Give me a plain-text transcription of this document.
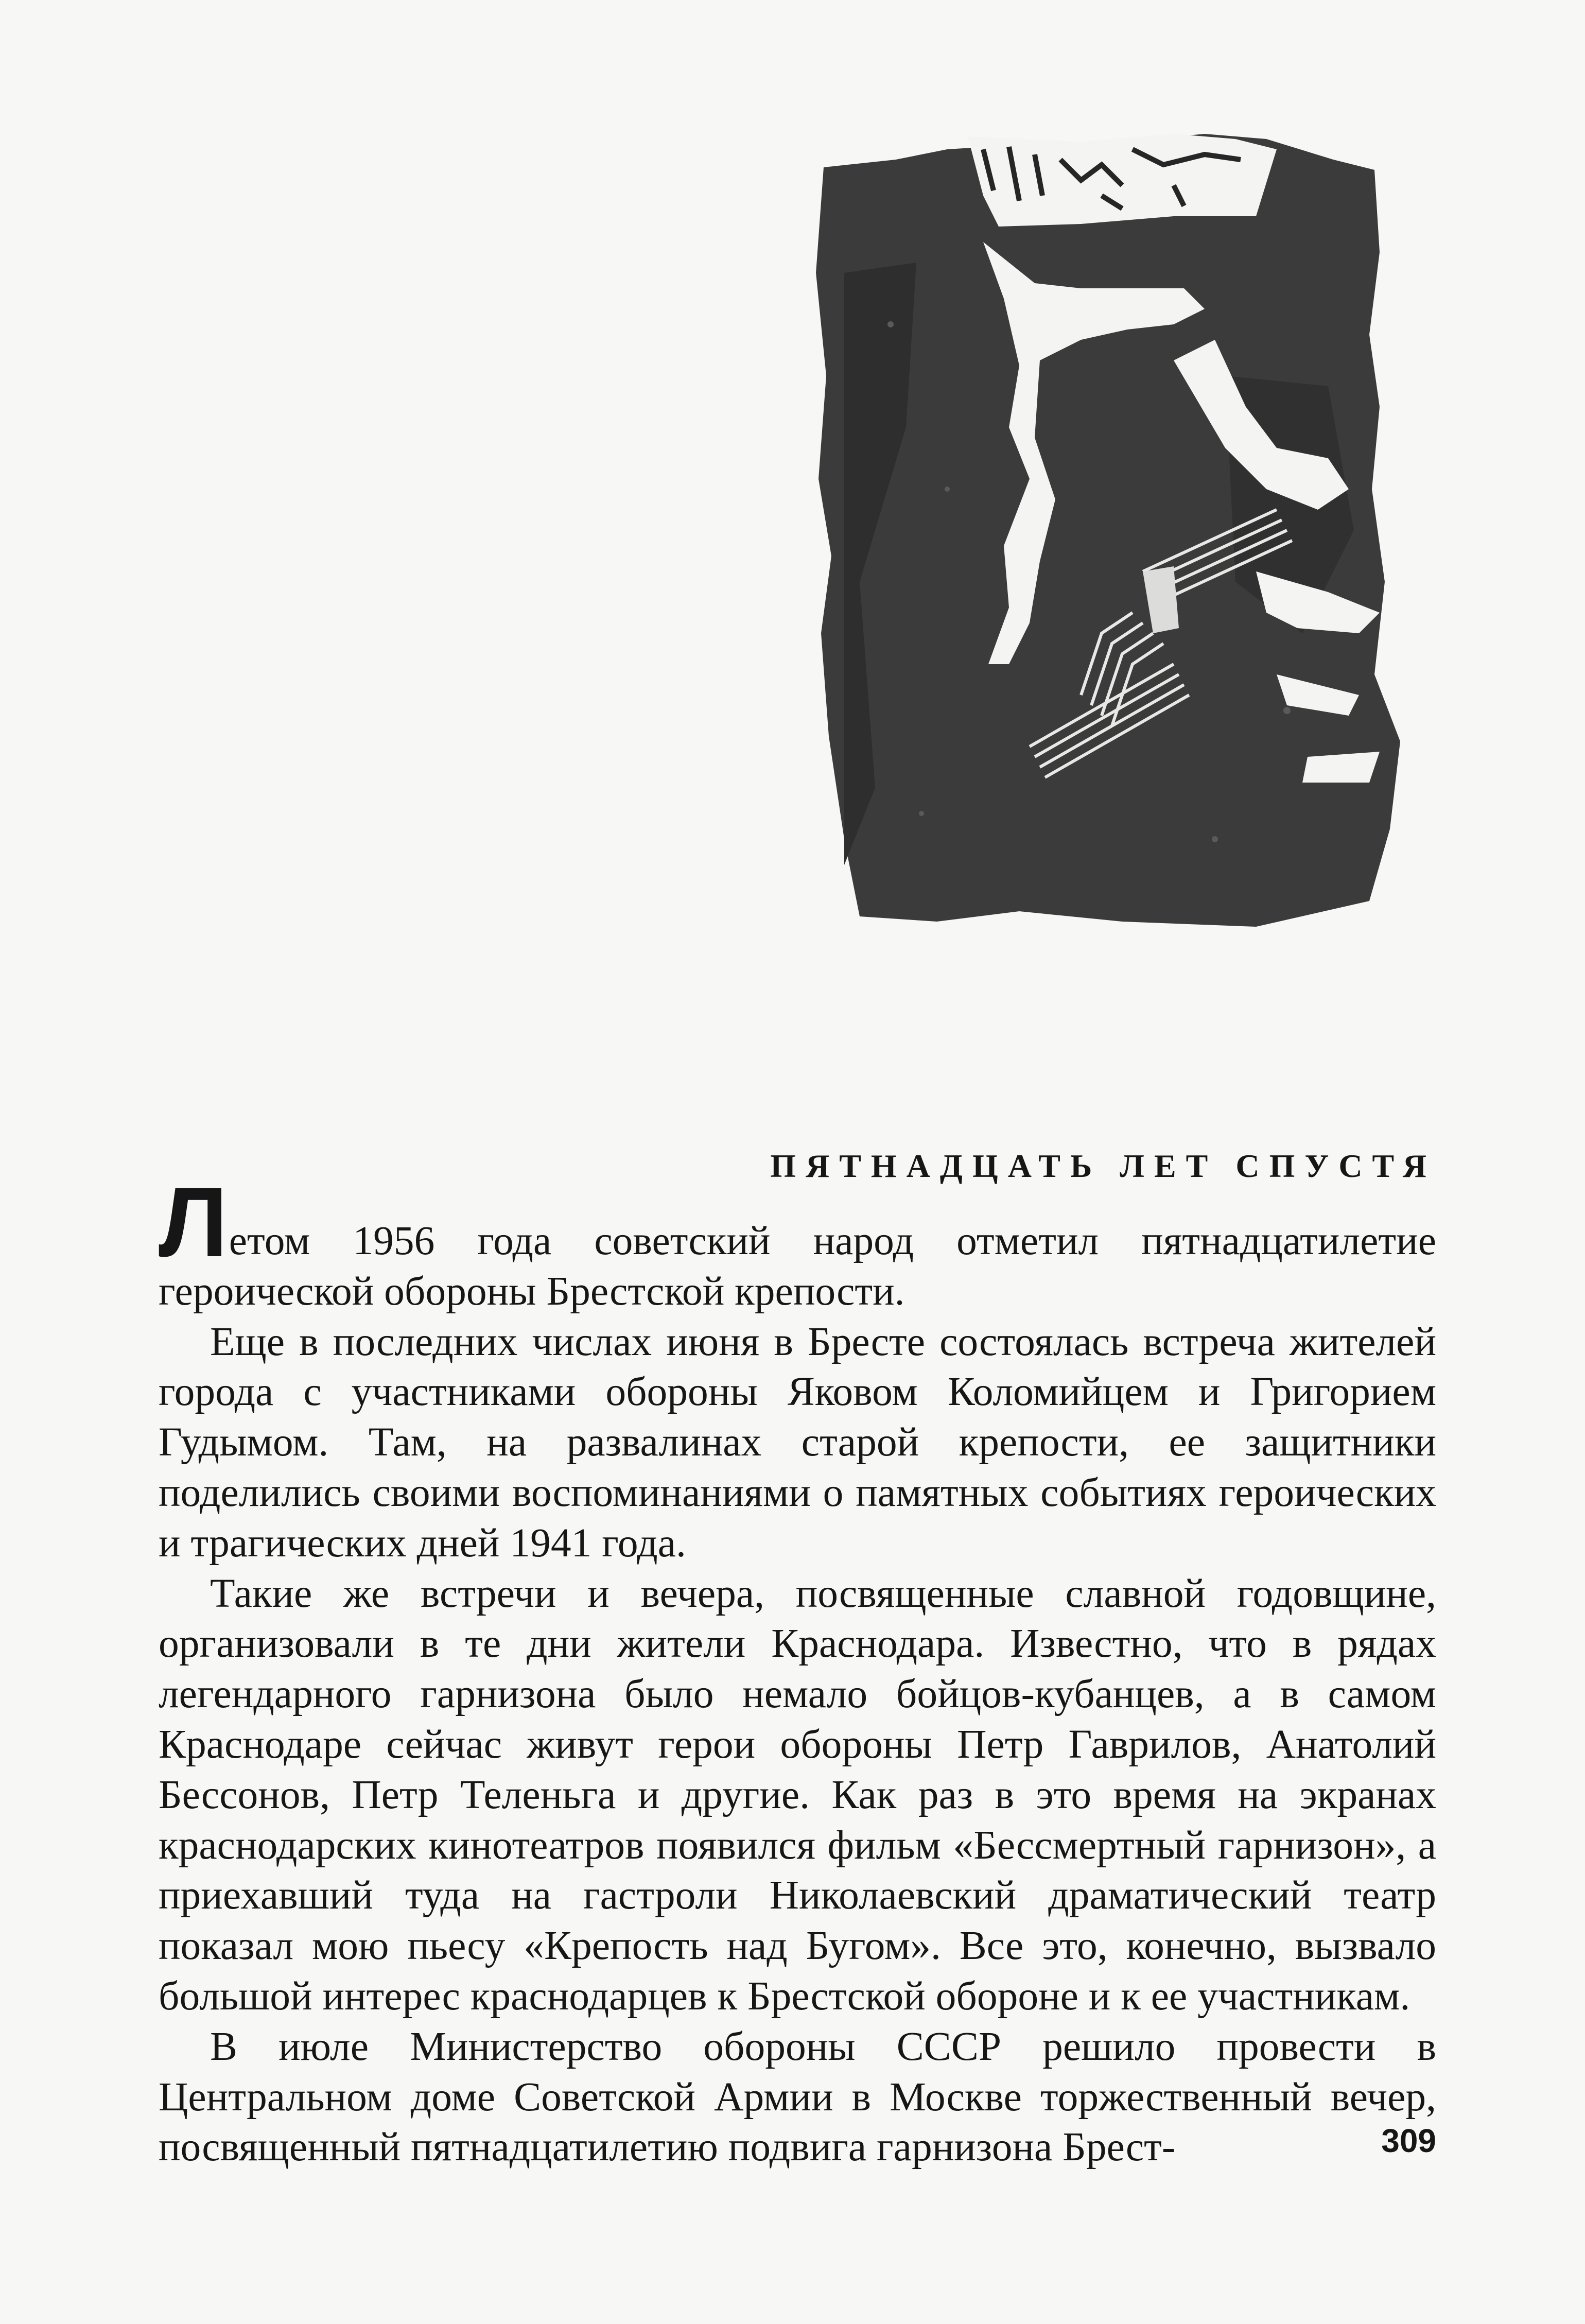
ПЯТНАДЦАТЬ ЛЕТ СПУСТЯ

Летом 1956 года советский народ отметил пятнадцатилетие героической обороны Брестской крепости.

Еще в последних числах июня в Бресте состоялась встреча жителей города с участниками обороны Яковом Коломийцем и Григорием Гудымом. Там, на развалинах старой крепости, ее защитники поделились своими воспоминаниями о памятных событиях героических и трагических дней 1941 года.

Такие же встречи и вечера, посвященные славной годовщине, организовали в те дни жители Краснодара. Известно, что в рядах легендарного гарнизона было немало бойцов-кубанцев, а в самом Краснодаре сейчас живут герои обороны Петр Гаврилов, Анатолий Бессонов, Петр Теленьга и другие. Как раз в это время на экранах краснодарских кинотеатров появился фильм «Бессмертный гарнизон», а приехавший туда на гастроли Николаевский драматический театр показал мою пьесу «Крепость над Бугом». Все это, конечно, вызвало большой интерес краснодарцев к Брестской обороне и к ее участникам.

В июле Министерство обороны СССР решило провести в Центральном доме Советской Армии в Москве торжественный вечер, посвященный пятнадцатилетию подвига гарнизона Брест-	309
